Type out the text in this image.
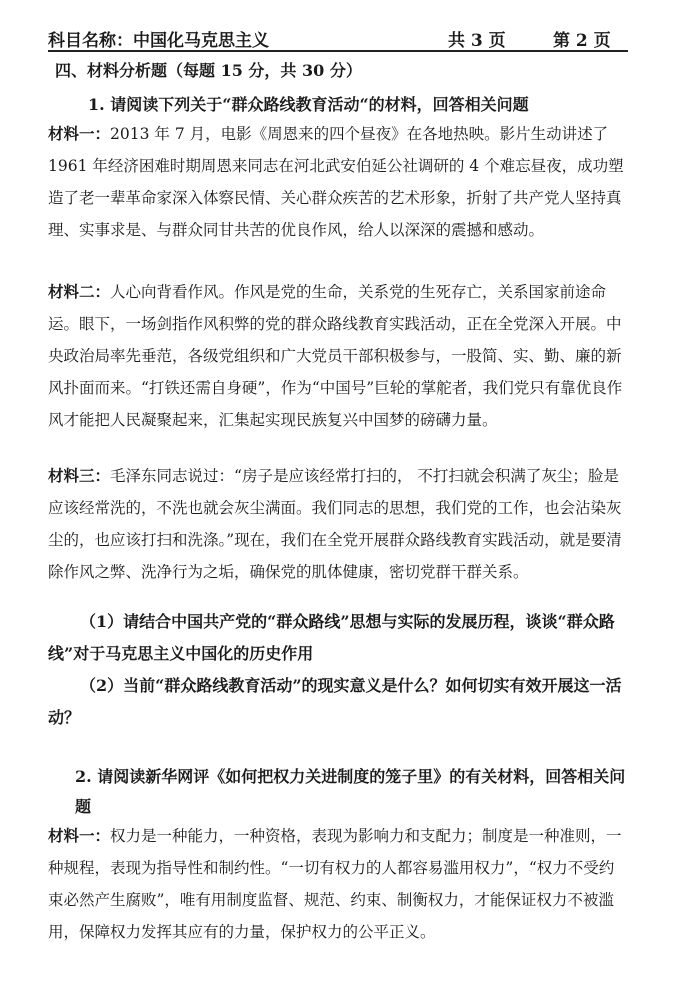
科目名称：中国化马克思主义	共 3 页	第 2 页
四、材料分析题（每题 15 分，共 30 分）
1. 请阅读下列关于“群众路线教育活动“的材料，回答相关问题
材料一：2013 年 7 月，电影《周恩来的四个昼夜》在各地热映。影片生动讲述了 1961 年经济困难时期周恩来同志在河北武安伯延公社调研的 4 个难忘昼夜，成功塑造了老一辈革命家深入体察民情、关心群众疾苦的艺术形象，折射了共产党人坚持真理、实事求是、与群众同甘共苦的优良作风，给人以深深的震撼和感动。
材料二：人心向背看作风。作风是党的生命，关系党的生死存亡，关系国家前途命运。眼下，一场剑指作风积弊的党的群众路线教育实践活动，正在全党深入开展。中央政治局率先垂范，各级党组织和广大党员干部积极参与，一股简、实、勤、廉的新风扑面而来。“打铁还需自身硬”，作为“中国号”巨轮的掌舵者，我们党只有靠优良作风才能把人民凝聚起来，汇集起实现民族复兴中国梦的磅礴力量。
材料三：毛泽东同志说过：“房子是应该经常打扫的， 不打扫就会积满了灰尘；脸是应该经常洗的，不洗也就会灰尘满面。我们同志的思想，我们党的工作，也会沾染灰尘的，也应该打扫和洗涤。”现在，我们在全党开展群众路线教育实践活动，就是要清除作风之弊、洗净行为之垢，确保党的肌体健康，密切党群干群关系。
（1）请结合中国共产党的“群众路线”思想与实际的发展历程，谈谈“群众路线”对于马克思主义中国化的历史作用
（2）当前“群众路线教育活动”的现实意义是什么？如何切实有效开展这一活动？
2. 请阅读新华网评《如何把权力关进制度的笼子里》的有关材料，回答相关问题
材料一：权力是一种能力，一种资格，表现为影响力和支配力；制度是一种准则，一种规程，表现为指导性和制约性。“一切有权力的人都容易滥用权力”，“权力不受约束必然产生腐败”，唯有用制度监督、规范、约束、制衡权力，才能保证权力不被滥用，保障权力发挥其应有的力量，保护权力的公平正义。
